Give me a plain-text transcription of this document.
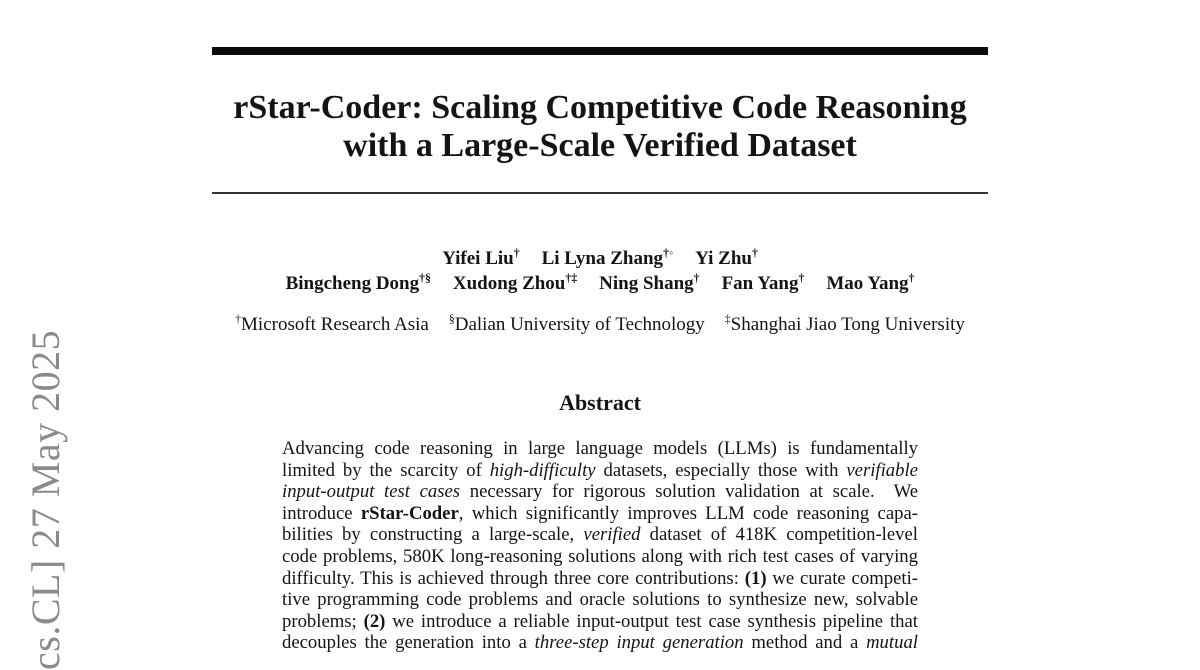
cs.CL] 27 May 2025
rStar-Coder: Scaling Competitive Code Reasoning
with a Large-Scale Verified Dataset
Yifei Liu† Li Lyna Zhang†◦ Yi Zhu†
Bingcheng Dong†§ Xudong Zhou†‡ Ning Shang† Fan Yang† Mao Yang†
†Microsoft Research Asia §Dalian University of Technology ‡Shanghai Jiao Tong University
Abstract
Advancing code reasoning in large language models (LLMs) is fundamentally
limited by the scarcity of high-difficulty datasets, especially those with verifiable
input-output test cases necessary for rigorous solution validation at scale.  We
introduce rStar-Coder, which significantly improves LLM code reasoning capa-
bilities by constructing a large-scale, verified dataset of 418K competition-level
code problems, 580K long-reasoning solutions along with rich test cases of varying
difficulty. This is achieved through three core contributions: (1) we curate competi-
tive programming code problems and oracle solutions to synthesize new, solvable
problems; (2) we introduce a reliable input-output test case synthesis pipeline that
decouples the generation into a three-step input generation method and a mutual
